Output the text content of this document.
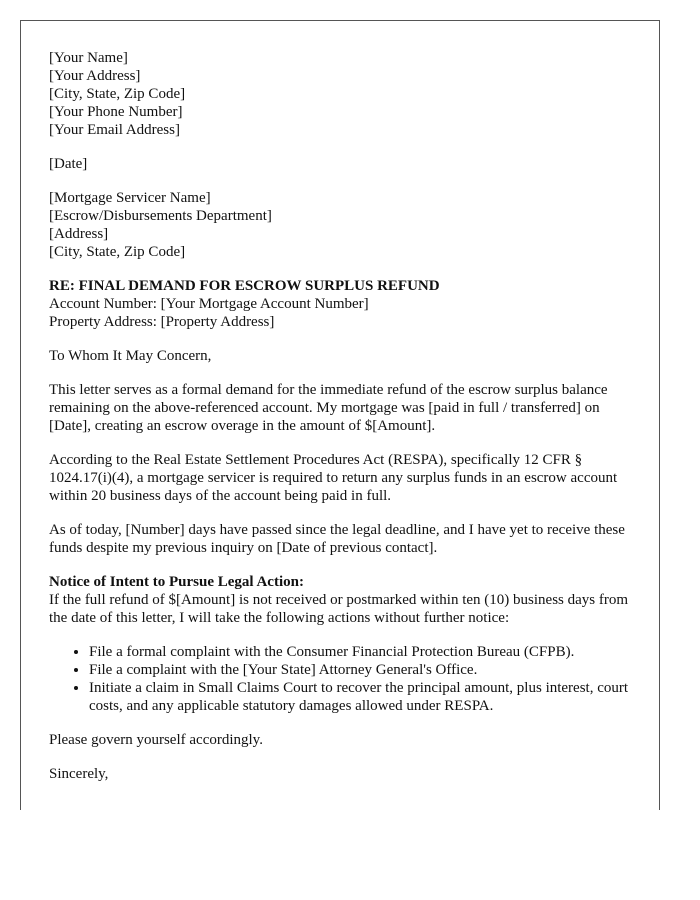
[Your Name]
[Your Address]
[City, State, Zip Code]
[Your Phone Number]
[Your Email Address]
[Date]
[Mortgage Servicer Name]
[Escrow/Disbursements Department]
[Address]
[City, State, Zip Code]
RE: FINAL DEMAND FOR ESCROW SURPLUS REFUND
Account Number: [Your Mortgage Account Number]
Property Address: [Property Address]

To Whom It May Concern,

This letter serves as a formal demand for the immediate refund of the escrow surplus balance remaining on the above-referenced account. My mortgage was [paid in full / transferred] on [Date], creating an escrow overage in the amount of $[Amount].

According to the Real Estate Settlement Procedures Act (RESPA), specifically 12 CFR § 1024.17(i)(4), a mortgage servicer is required to return any surplus funds in an escrow account within 20 business days of the account being paid in full.

As of today, [Number] days have passed since the legal deadline, and I have yet to receive these funds despite my previous inquiry on [Date of previous contact].

Notice of Intent to Pursue Legal Action:

If the full refund of $[Amount] is not received or postmarked within ten (10) business days from the date of this letter, I will take the following actions without further notice:

• File a formal complaint with the Consumer Financial Protection Bureau (CFPB).
• File a complaint with the [Your State] Attorney General's Office.
• Initiate a claim in Small Claims Court to recover the principal amount, plus interest, court costs, and any applicable statutory damages allowed under RESPA.

Please govern yourself accordingly.

Sincerely,
